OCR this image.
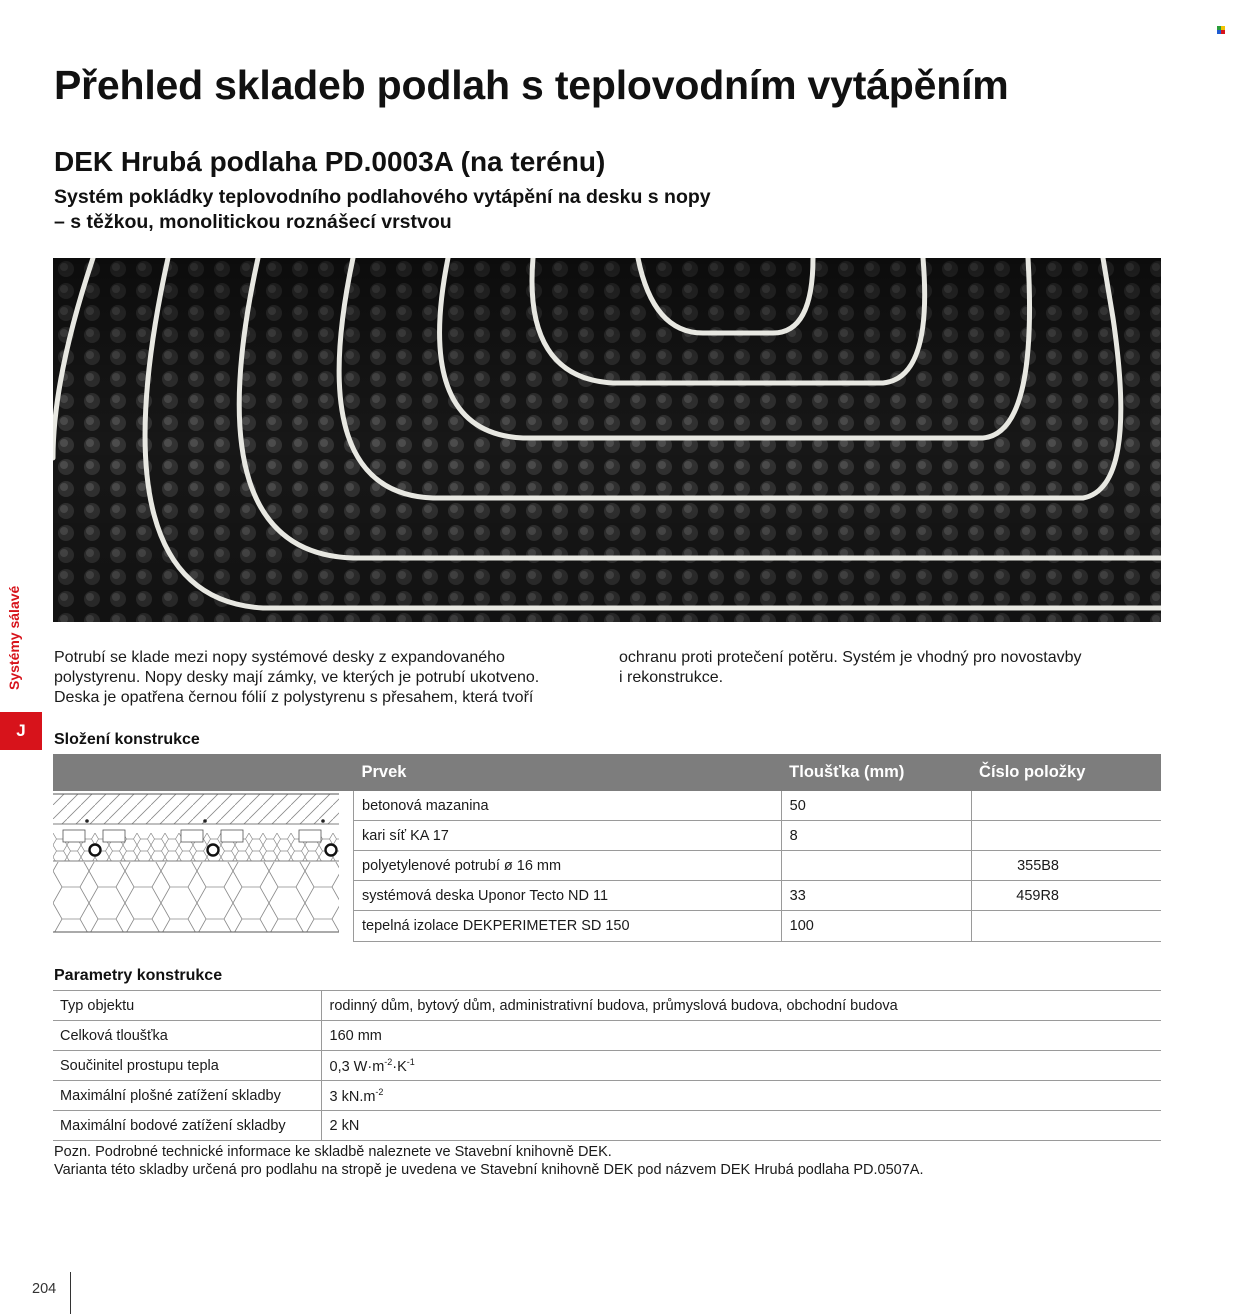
Přehled skladeb podlah s teplovodním vytápěním
DEK Hrubá podlaha PD.0003A (na terénu)
Systém pokládky teplovodního podlahového vytápění na desku s nopy
– s těžkou, monolitickou roznášecí vrstvou
Potrubí se klade mezi nopy systémové desky z expandovaného
polystyrenu. Nopy desky mají zámky, ve kterých je potrubí ukotveno.
Deska je opatřena černou fólií z polystyrenu s přesahem, která tvoří
ochranu proti protečení potěru. Systém je vhodný pro novostavby
i rekonstrukce.
Systémy sálavé
J	Složení konstrukce
	Prvek	Tloušťka (mm)	Číslo položky

	betonová mazanina	50	
	kari síť KA 17	8	
	polyetylenové potrubí ø 16 mm		355B8
	systémová deska Uponor Tecto ND 11	33	459R8
	tepelná izolace DEKPERIMETER SD 150	100	
Parametry konstrukce
Typ objektu	rodinný dům, bytový dům, administrativní budova, průmyslová budova, obchodní budova
Celková tloušťka	160 mm
Součinitel prostupu tepla	0,3 $W\cdot m^{-2}\cdot K^{-1}$
Maximální plošné zatížení skladby	3 $kN.m^{-2}$
Maximální bodové zatížení skladby	2 kN
Pozn. Podrobné technické informace ke skladbě naleznete ve Stavební knihovně DEK.
Varianta této skladby určená pro podlahu na stropě je uvedena ve Stavební knihovně DEK pod názvem DEK Hrubá podlaha PD.0507A.
204
